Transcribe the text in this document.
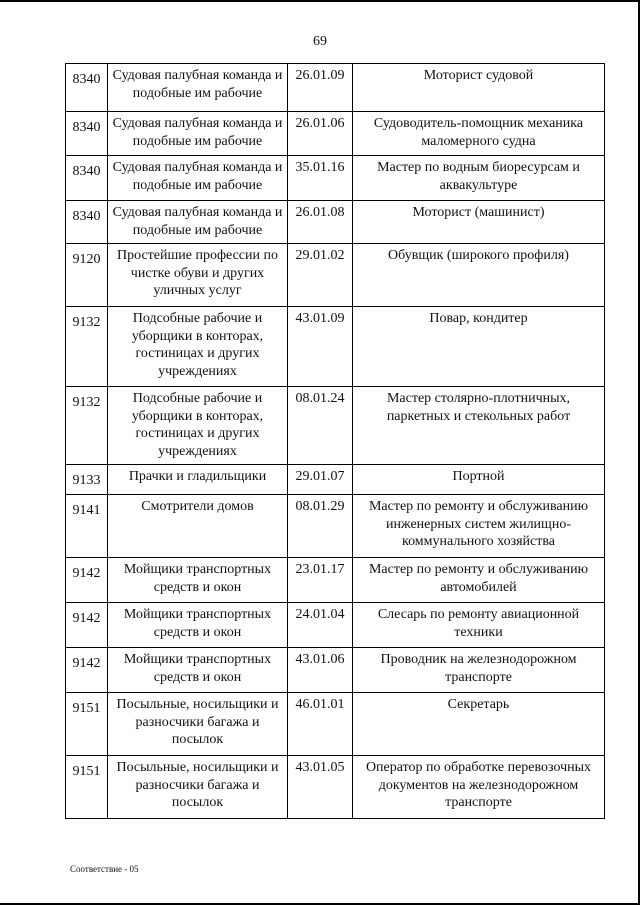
69
8340	Судовая палубная команда и подобные им рабочие	26.01.09	Моторист судовой
8340	Судовая палубная команда и подобные им рабочие	26.01.06	Судоводитель-помощник механика маломерного судна
8340	Судовая палубная команда и подобные им рабочие	35.01.16	Мастер по водным биоресурсам и аквакультуре
8340	Судовая палубная команда и подобные им рабочие	26.01.08	Моторист (машинист)
9120	Простейшие профессии по чистке обуви и других уличных услуг	29.01.02	Обувщик (широкого профиля)
9132	Подсобные рабочие и уборщики в конторах, гостиницах и других учреждениях	43.01.09	Повар, кондитер
9132	Подсобные рабочие и уборщики в конторах, гостиницах и других учреждениях	08.01.24	Мастер столярно-плотничных, паркетных и стекольных работ
9133	Прачки и гладильщики	29.01.07	Портной
9141	Смотрители домов	08.01.29	Мастер по ремонту и обслуживанию инженерных систем жилищно-коммунального хозяйства
9142	Мойщики транспортных средств и окон	23.01.17	Мастер по ремонту и обслуживанию автомобилей
9142	Мойщики транспортных средств и окон	24.01.04	Слесарь по ремонту авиационной техники
9142	Мойщики транспортных средств и окон	43.01.06	Проводник на железнодорожном транспорте
9151	Посыльные, носильщики и разносчики багажа и посылок	46.01.01	Секретарь
9151	Посыльные, носильщики и разносчики багажа и посылок	43.01.05	Оператор по обработке перевозочных документов на железнодорожном транспорте
Соответствие - 05
